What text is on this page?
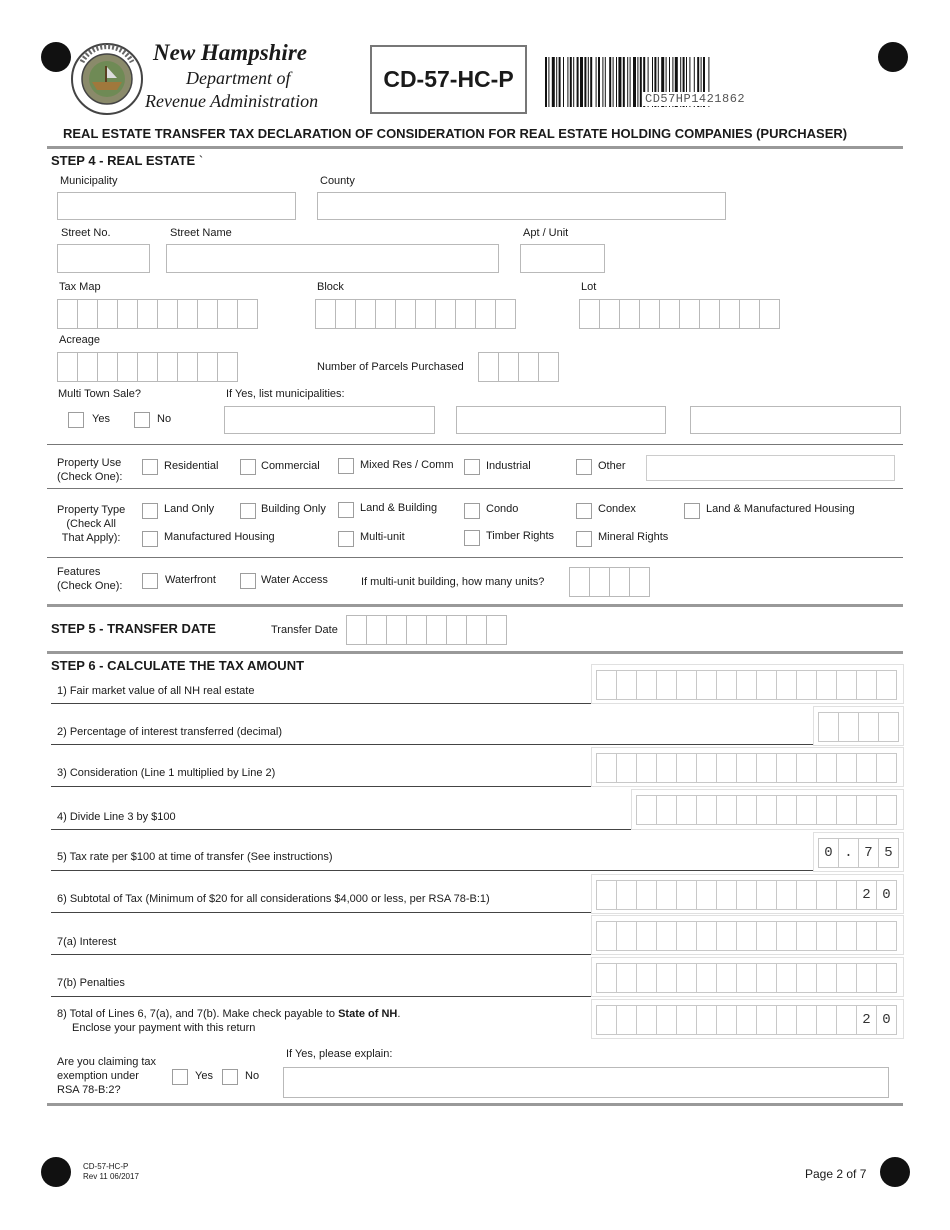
New Hampshire
Department of
Revenue Administration
CD-57-HC-P
CD57HP1421862
REAL ESTATE TRANSFER TAX DECLARATION OF CONSIDERATION FOR REAL ESTATE HOLDING COMPANIES (PURCHASER)
STEP 4 - REAL ESTATE `
Municipality	County
Street No.	Street Name	Apt / Unit
Tax Map	Block	Lot
Acreage
Number of Parcels Purchased
Multi Town Sale?
Yes	No
If Yes, list municipalities:
Property Use
(Check One):
Residential	Commercial	Mixed Res / Comm	Industrial	Other
Property Type
(Check All
That Apply):
Land Only	Building Only	Land & Building	Condo	Condex	Land & Manufactured Housing
Manufactured Housing	Multi-unit	Timber Rights	Mineral Rights
Features
(Check One):	Waterfront	Water Access	If multi-unit building, how many units?
STEP 5 - TRANSFER DATE	Transfer Date
STEP 6 - CALCULATE THE TAX AMOUNT
1) Fair market value of all NH real estate
2) Percentage of interest transferred (decimal)
3) Consideration (Line 1 multiplied by Line 2)
4) Divide Line 3 by $100
5) Tax rate per $100 at time of transfer (See instructions)	0 . 7 5
6) Subtotal of Tax (Minimum of $20 for all considerations $4,000 or less, per RSA 78-B:1)	2 0
7(a) Interest
7(b) Penalties
8) Total of Lines 6, 7(a), and 7(b). Make check payable to State of NH.
Enclose your payment with this return	2 0
Are you claiming tax
exemption under
RSA 78-B:2?
Yes	No
If Yes, please explain:
CD-57-HC-P
Rev 11 06/2017	Page 2 of 7
